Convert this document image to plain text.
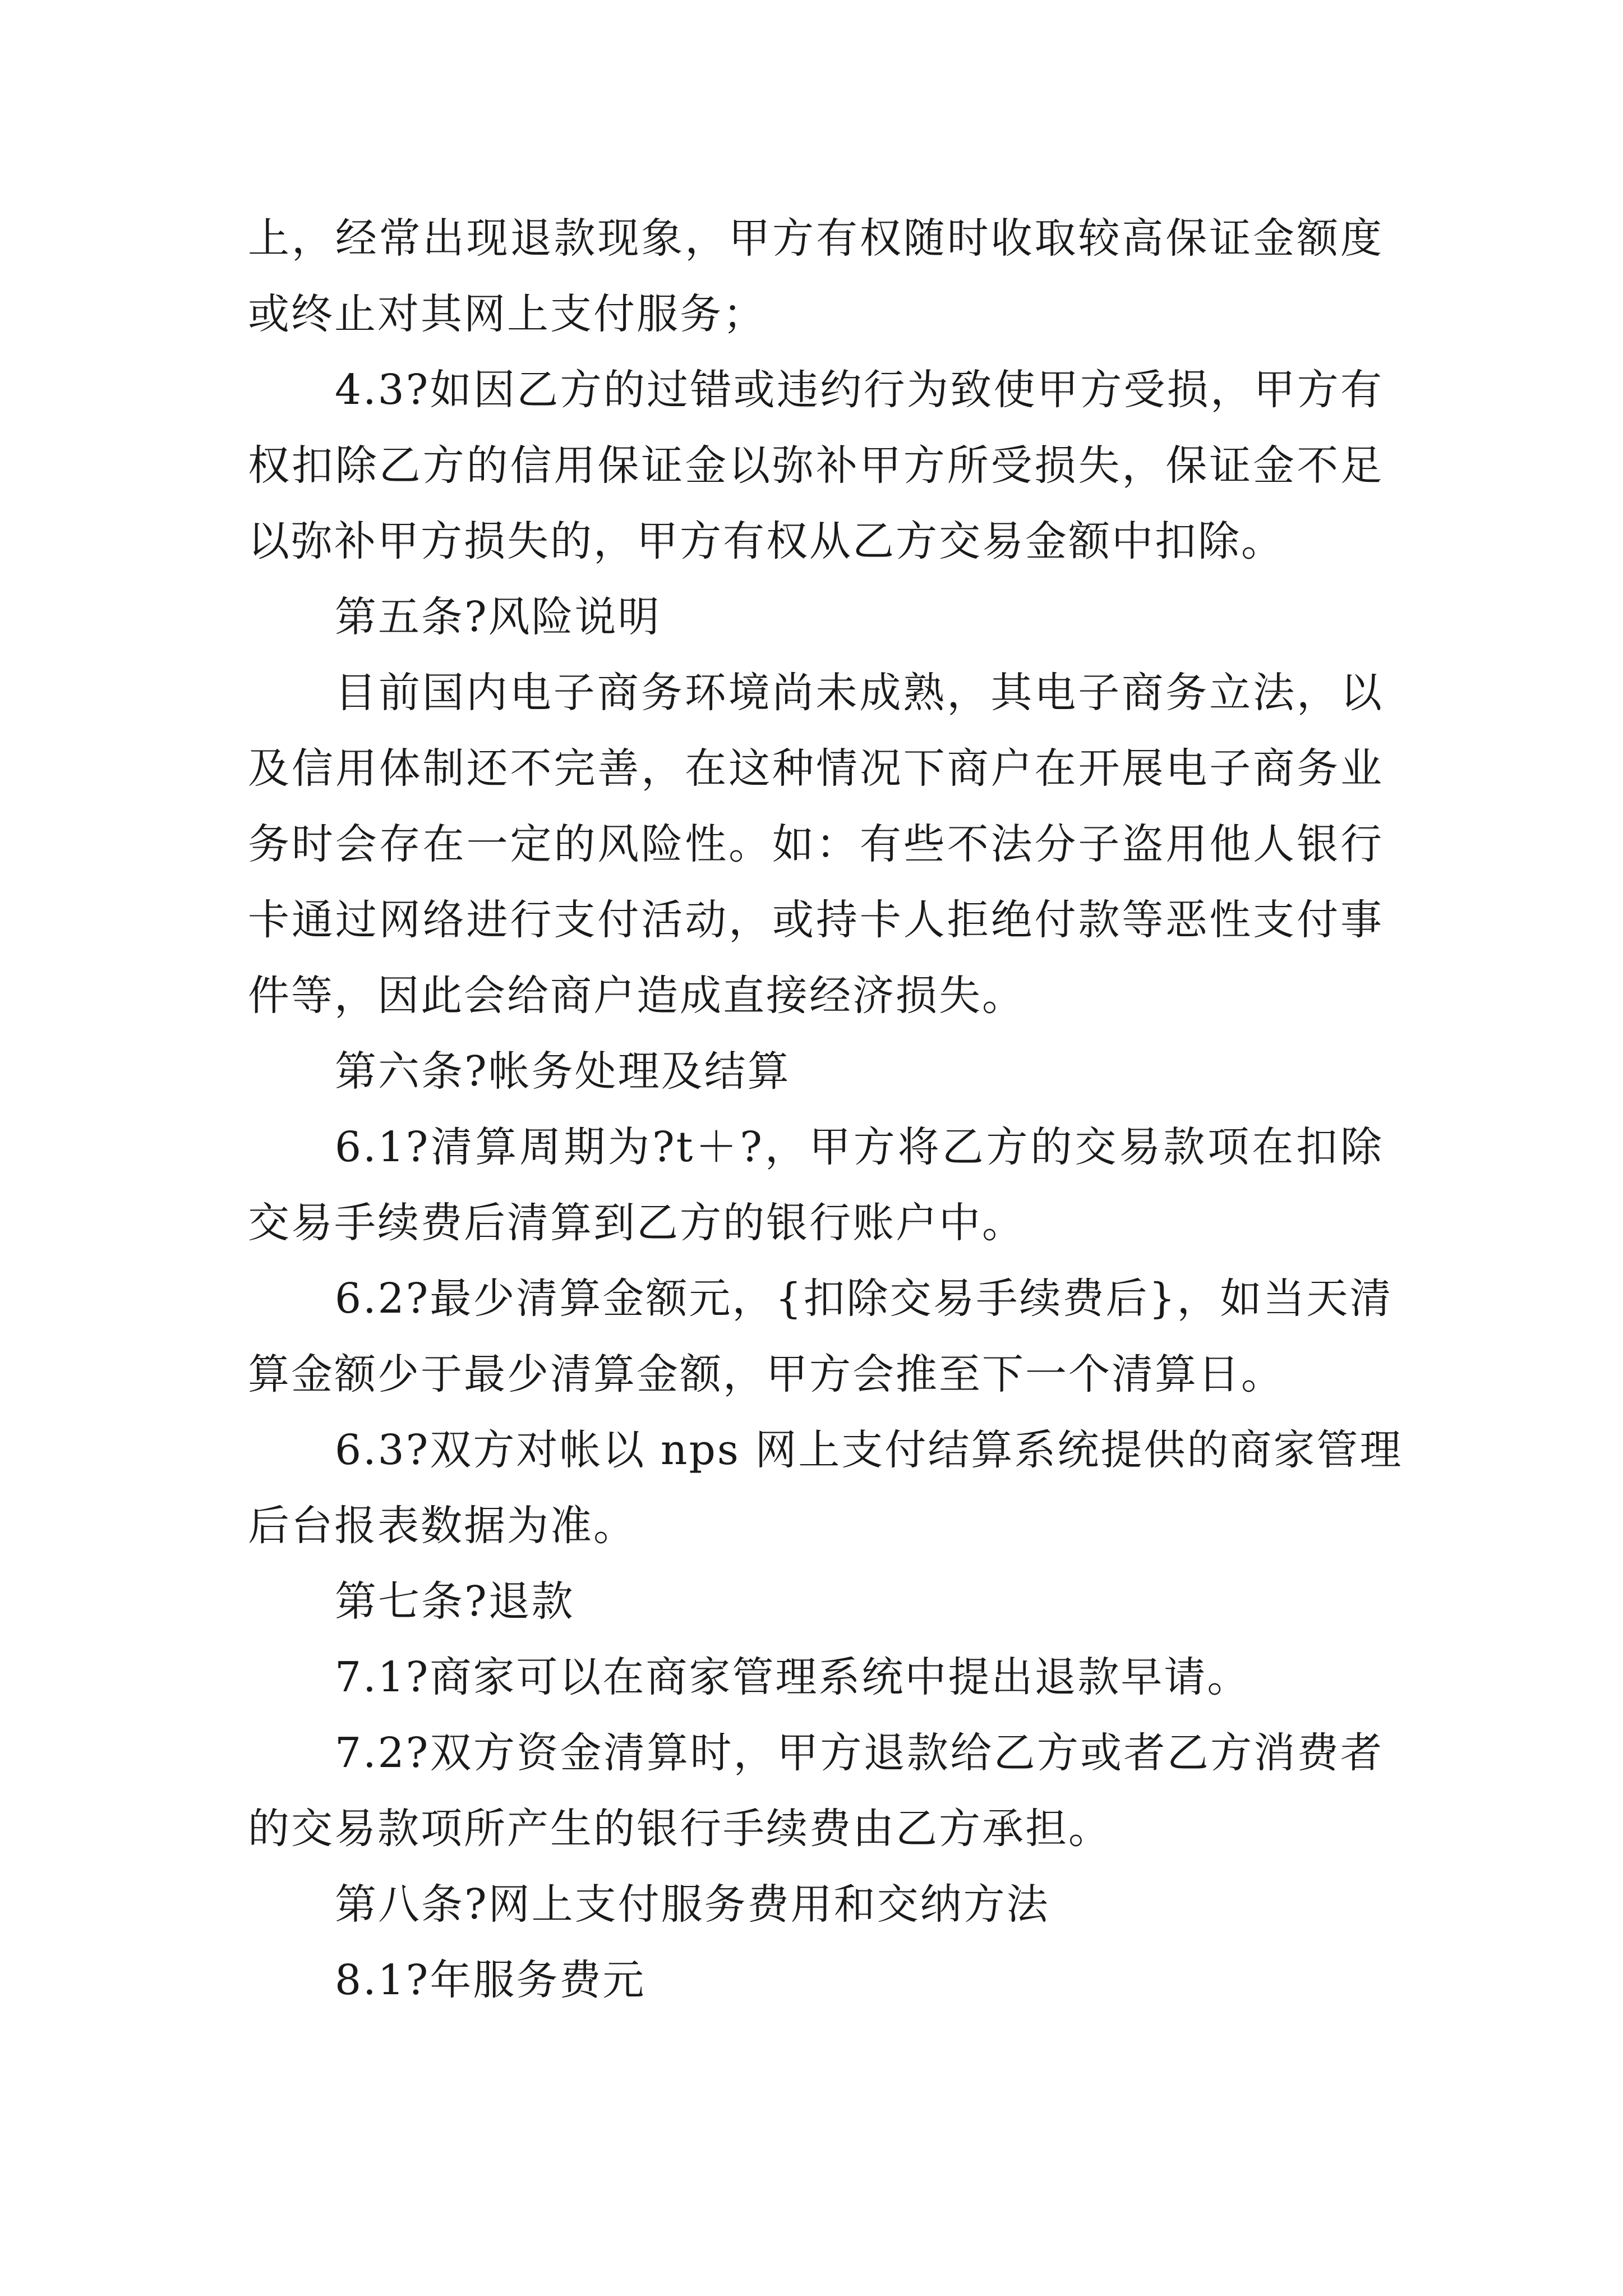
上，经常出现退款现象，甲方有权随时收取较高保证金额度
或终止对其网上支付服务；
4.3?如因乙方的过错或违约行为致使甲方受损，甲方有
权扣除乙方的信用保证金以弥补甲方所受损失，保证金不足
以弥补甲方损失的，甲方有权从乙方交易金额中扣除。
第五条?风险说明
目前国内电子商务环境尚未成熟，其电子商务立法，以
及信用体制还不完善，在这种情况下商户在开展电子商务业
务时会存在一定的风险性。如：有些不法分子盗用他人银行
卡通过网络进行支付活动，或持卡人拒绝付款等恶性支付事
件等，因此会给商户造成直接经济损失。
第六条?帐务处理及结算
6.1?清算周期为?t＋?，甲方将乙方的交易款项在扣除
交易手续费后清算到乙方的银行账户中。
6.2?最少清算金额元，{扣除交易手续费后}，如当天清
算金额少于最少清算金额，甲方会推至下一个清算日。
6.3?双方对帐以 nps 网上支付结算系统提供的商家管理
后台报表数据为准。
第七条?退款
7.1?商家可以在商家管理系统中提出退款早请。
7.2?双方资金清算时，甲方退款给乙方或者乙方消费者
的交易款项所产生的银行手续费由乙方承担。
第八条?网上支付服务费用和交纳方法
8.1?年服务费元
